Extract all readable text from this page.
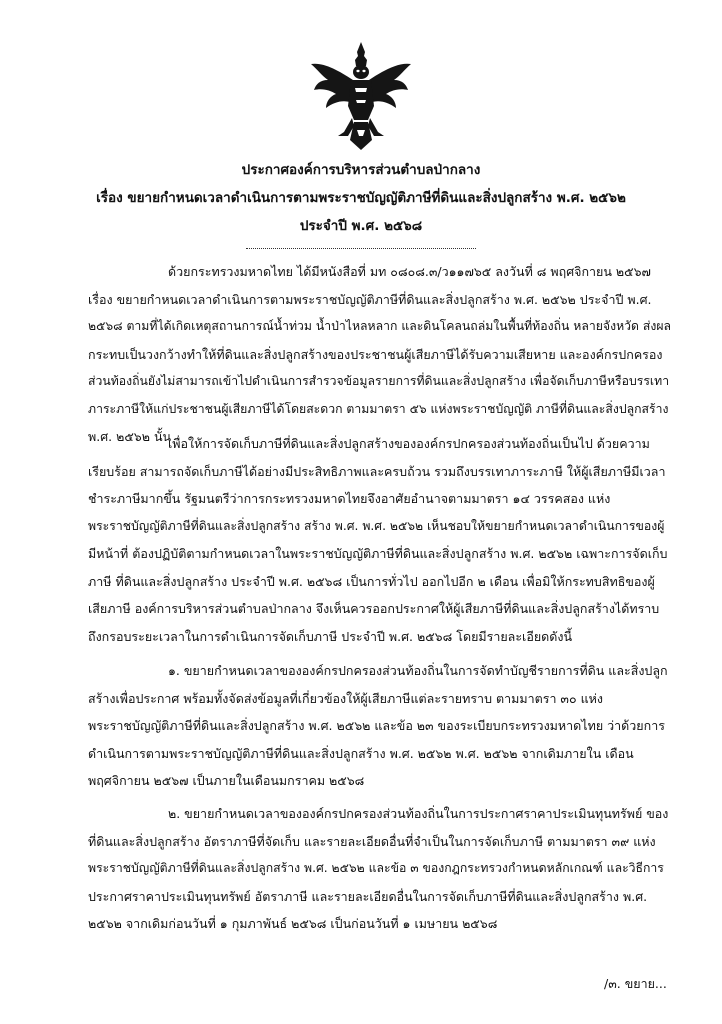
ประกาศองค์การบริหารส่วนตำบลป่ากลาง
เรื่อง ขยายกำหนดเวลาดำเนินการตามพระราชบัญญัติภาษีที่ดินและสิ่งปลูกสร้าง พ.ศ. ๒๕๖๒
ประจำปี พ.ศ. ๒๕๖๘
ด้วยกระทรวงมหาดไทย ได้มีหนังสือที่ มท ๐๘๐๘.๓/ว๑๑๗๖๕ ลงวันที่ ๘ พฤศจิกายน ๒๕๖๗
เรื่อง ขยายกำหนดเวลาดำเนินการตามพระราชบัญญัติภาษีที่ดินและสิ่งปลูกสร้าง พ.ศ. ๒๕๖๒ ประจำปี พ.ศ.
๒๕๖๘ ตามที่ได้เกิดเหตุสถานการณ์น้ำท่วม น้ำป่าไหลหลาก และดินโคลนถล่มในพื้นที่ท้องถิ่น หลายจังหวัด ส่งผล
กระทบเป็นวงกว้างทำให้ที่ดินและสิ่งปลูกสร้างของประชาชนผู้เสียภาษีได้รับความเสียหาย และองค์กรปกครอง
ส่วนท้องถิ่นยังไม่สามารถเข้าไปดำเนินการสำรวจข้อมูลรายการที่ดินและสิ่งปลูกสร้าง เพื่อจัดเก็บภาษีหรือบรรเทา
ภาระภาษีให้แก่ประชาชนผู้เสียภาษีได้โดยสะดวก ตามมาตรา ๕๖ แห่งพระราชบัญญัติ ภาษีที่ดินและสิ่งปลูกสร้าง
พ.ศ. ๒๕๖๒ นั้น
เพื่อให้การจัดเก็บภาษีที่ดินและสิ่งปลูกสร้างขององค์กรปกครองส่วนท้องถิ่นเป็นไป ด้วยความ
เรียบร้อย สามารถจัดเก็บภาษีได้อย่างมีประสิทธิภาพและครบถ้วน รวมถึงบรรเทาภาระภาษี ให้ผู้เสียภาษีมีเวลา
ชำระภาษีมากขึ้น รัฐมนตรีว่าการกระทรวงมหาดไทยจึงอาศัยอำนาจตามมาตรา ๑๔ วรรคสอง แห่ง
พระราชบัญญัติภาษีที่ดินและสิ่งปลูกสร้าง สร้าง พ.ศ. พ.ศ. ๒๕๖๒ เห็นชอบให้ขยายกำหนดเวลาดำเนินการของผู้
มีหน้าที่ ต้องปฏิบัติตามกำหนดเวลาในพระราชบัญญัติภาษีที่ดินและสิ่งปลูกสร้าง พ.ศ. ๒๕๖๒ เฉพาะการจัดเก็บ
ภาษี ที่ดินและสิ่งปลูกสร้าง ประจำปี พ.ศ. ๒๕๖๘ เป็นการทั่วไป ออกไปอีก ๒ เดือน เพื่อมิให้กระทบสิทธิของผู้
เสียภาษี องค์การบริหารส่วนตำบลป่ากลาง จึงเห็นควรออกประกาศให้ผู้เสียภาษีที่ดินและสิ่งปลูกสร้างได้ทราบ
ถึงกรอบระยะเวลาในการดำเนินการจัดเก็บภาษี ประจำปี พ.ศ. ๒๕๖๘ โดยมีรายละเอียดดังนี้
๑. ขยายกำหนดเวลาขององค์กรปกครองส่วนท้องถิ่นในการจัดทำบัญชีรายการที่ดิน และสิ่งปลูก
สร้างเพื่อประกาศ พร้อมทั้งจัดส่งข้อมูลที่เกี่ยวข้องให้ผู้เสียภาษีแต่ละรายทราบ ตามมาตรา ๓๐ แห่ง
พระราชบัญญัติภาษีที่ดินและสิ่งปลูกสร้าง พ.ศ. ๒๕๖๒ และข้อ ๒๓ ของระเบียบกระทรวงมหาดไทย ว่าด้วยการ
ดำเนินการตามพระราชบัญญัติภาษีที่ดินและสิ่งปลูกสร้าง พ.ศ. ๒๕๖๒ พ.ศ. ๒๕๖๒ จากเดิมภายใน เดือน
พฤศจิกายน ๒๕๖๗ เป็นภายในเดือนมกราคม ๒๕๖๘
๒. ขยายกำหนดเวลาขององค์กรปกครองส่วนท้องถิ่นในการประกาศราคาประเมินทุนทรัพย์ ของ
ที่ดินและสิ่งปลูกสร้าง อัตราภาษีที่จัดเก็บ และรายละเอียดอื่นที่จำเป็นในการจัดเก็บภาษี ตามมาตรา ๓๙ แห่ง
พระราชบัญญัติภาษีที่ดินและสิ่งปลูกสร้าง พ.ศ. ๒๕๖๒ และข้อ ๓ ของกฎกระทรวงกำหนดหลักเกณฑ์ และวิธีการ
ประกาศราคาประเมินทุนทรัพย์ อัตราภาษี และรายละเอียดอื่นในการจัดเก็บภาษีที่ดินและสิ่งปลูกสร้าง พ.ศ.
๒๕๖๒ จากเดิมก่อนวันที่ ๑ กุมภาพันธ์ ๒๕๖๘ เป็นก่อนวันที่ ๑ เมษายน ๒๕๖๘
/๓. ขยาย...
